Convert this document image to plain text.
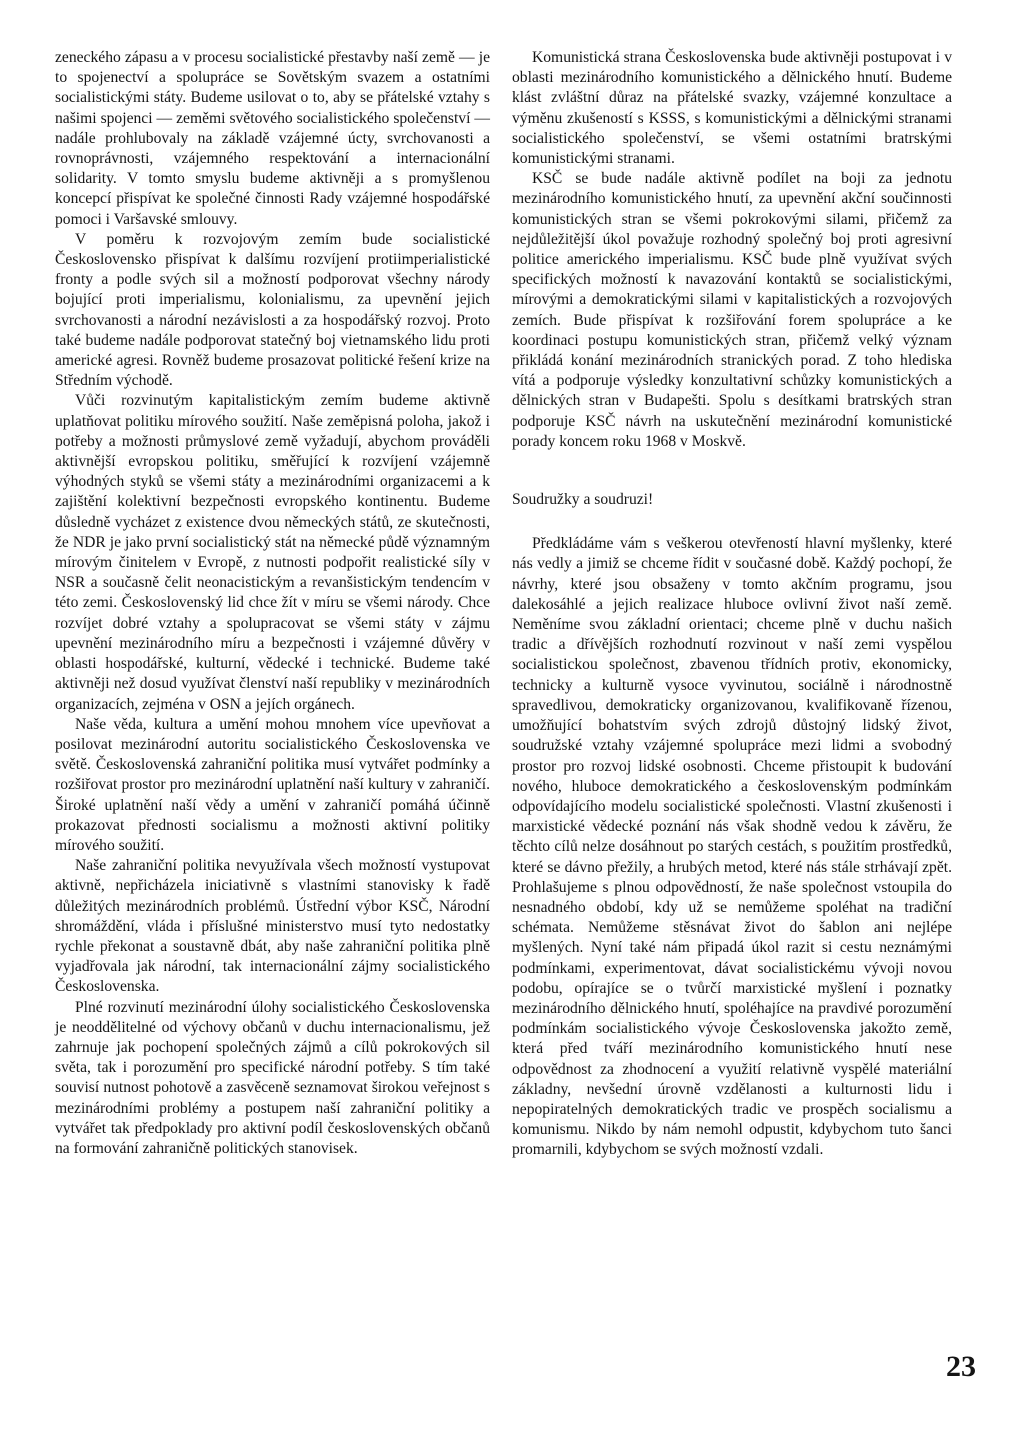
zeneckého zápasu a v procesu socialistické přestavby naší země — je to spojenectví a spolupráce se Sovětským svazem a ostatními socialistickými státy. Budeme usilovat o to, aby se přátelské vztahy s našimi spojenci — zeměmi světového socialistického společenství — nadále prohlubovaly na základě vzájemné úcty, svrchovanosti a rovnoprávnosti, vzájemného respektování a internacionální solidarity. V tomto smyslu budeme aktivněji a s promyšlenou koncepcí přispívat ke společné činnosti Rady vzájemné hospodářské pomoci i Varšavské smlouvy.

V poměru k rozvojovým zemím bude socialistické Československo přispívat k dalšímu rozvíjení protiimperialistické fronty a podle svých sil a možností podporovat všechny národy bojující proti imperialismu, kolonialismu, za upevnění jejich svrchovanosti a národní nezávislosti a za hospodářský rozvoj. Proto také budeme nadále podporovat statečný boj vietnamského lidu proti americké agresi. Rovněž budeme prosazovat politické řešení krize na Středním východě.

Vůči rozvinutým kapitalistickým zemím budeme aktivně uplatňovat politiku mírového soužití. Naše zeměpisná poloha, jakož i potřeby a možnosti průmyslové země vyžadují, abychom prováděli aktivnější evropskou politiku, směřující k rozvíjení vzájemně výhodných styků se všemi státy a mezinárodními organizacemi a k zajištění kolektivní bezpečnosti evropského kontinentu. Budeme důsledně vycházet z existence dvou německých států, ze skutečnosti, že NDR je jako první socialistický stát na německé půdě významným mírovým činitelem v Evropě, z nutnosti podpořit realistické síly v NSR a současně čelit neonacistickým a revanšistickým tendencím v této zemi. Československý lid chce žít v míru se všemi národy. Chce rozvíjet dobré vztahy a spolupracovat se všemi státy v zájmu upevnění mezinárodního míru a bezpečnosti i vzájemné důvěry v oblasti hospodářské, kulturní, vědecké i technické. Budeme také aktivněji než dosud využívat členství naší republiky v mezinárodních organizacích, zejména v OSN a jejích orgánech.

Naše věda, kultura a umění mohou mnohem více upevňovat a posilovat mezinárodní autoritu socialistického Československa ve světě. Československá zahraniční politika musí vytvářet podmínky a rozšiřovat prostor pro mezinárodní uplatnění naší kultury v zahraničí. Široké uplatnění naší vědy a umění v zahraničí pomáhá účinně prokazovat přednosti socialismu a možnosti aktivní politiky mírového soužití.

Naše zahraniční politika nevyužívala všech možností vystupovat aktivně, nepřicházela iniciativně s vlastními stanovisky k řadě důležitých mezinárodních problémů. Ústřední výbor KSČ, Národní shromáždění, vláda i příslušné ministerstvo musí tyto nedostatky rychle překonat a soustavně dbát, aby naše zahraniční politika plně vyjadřovala jak národní, tak internacionální zájmy socialistického Československa.

Plné rozvinutí mezinárodní úlohy socialistického Československa je neoddělitelné od výchovy občanů v duchu internacionalismu, jež zahrnuje jak pochopení společných zájmů a cílů pokrokových sil světa, tak i porozumění pro specifické národní potřeby. S tím také souvisí nutnost pohotově a zasvěceně seznamovat širokou veřejnost s mezinárodními problémy a postupem naší zahraniční politiky a vytvářet tak předpoklady pro aktivní podíl československých občanů na formování zahraničně politických stanovisek.

Komunistická strana Československa bude aktivněji postupovat i v oblasti mezinárodního komunistického a dělnického hnutí. Budeme klást zvláštní důraz na přátelské svazky, vzájemné konzultace a výměnu zkušeností s KSSS, s komunistickými a dělnickými stranami socialistického společenství, se všemi ostatními bratrskými komunistickými stranami.

KSČ se bude nadále aktivně podílet na boji za jednotu mezinárodního komunistického hnutí, za upevnění akční součinnosti komunistických stran se všemi pokrokovými silami, přičemž za nejdůležitější úkol považuje rozhodný společný boj proti agresivní politice amerického imperialismu. KSČ bude plně využívat svých specifických možností k navazování kontaktů se socialistickými, mírovými a demokratickými silami v kapitalistických a rozvojových zemích. Bude přispívat k rozšiřování forem spolupráce a ke koordinaci postupu komunistických stran, přičemž velký význam přikládá konání mezinárodních stranických porad. Z toho hlediska vítá a podporuje výsledky konzultativní schůzky komunistických a dělnických stran v Budapešti. Spolu s desítkami bratrských stran podporuje KSČ návrh na uskutečnění mezinárodní komunistické porady koncem roku 1968 v Moskvě.

Soudružky a soudruzi!

Předkládáme vám s veškerou otevřeností hlavní myšlenky, které nás vedly a jimiž se chceme řídit v současné době. Každý pochopí, že návrhy, které jsou obsaženy v tomto akčním programu, jsou dalekosáhlé a jejich realizace hluboce ovlivní život naší země. Neměníme svou základní orientaci; chceme plně v duchu našich tradic a dřívějších rozhodnutí rozvinout v naší zemi vyspělou socialistickou společnost, zbavenou třídních protiv, ekonomicky, technicky a kulturně vysoce vyvinutou, sociálně i národnostně spravedlivou, demokraticky organizovanou, kvalifikovaně řízenou, umožňující bohatstvím svých zdrojů důstojný lidský život, soudružské vztahy vzájemné spolupráce mezi lidmi a svobodný prostor pro rozvoj lidské osobnosti. Chceme přistoupit k budování nového, hluboce demokratického a československým podmínkám odpovídajícího modelu socialistické společnosti. Vlastní zkušenosti i marxistické vědecké poznání nás však shodně vedou k závěru, že těchto cílů nelze dosáhnout po starých cestách, s použitím prostředků, které se dávno přežily, a hrubých metod, které nás stále strhávají zpět. Prohlašujeme s plnou odpovědností, že naše společnost vstoupila do nesnadného období, kdy už se nemůžeme spoléhat na tradiční schémata. Nemůžeme stěsnávat život do šablon ani nejlépe myšlených. Nyní také nám připadá úkol razit si cestu neznámými podmínkami, experimentovat, dávat socialistickému vývoji novou podobu, opírajíce se o tvůrčí marxistické myšlení i poznatky mezinárodního dělnického hnutí, spoléhajíce na pravdivé porozumění podmínkám socialistického vývoje Československa jakožto země, která před tváří mezinárodního komunistického hnutí nese odpovědnost za zhodnocení a využití relativně vyspělé materiální základny, nevšední úrovně vzdělanosti a kulturnosti lidu i nepopiratelných demokratických tradic ve prospěch socialismu a komunismu. Nikdo by nám nemohl odpustit, kdybychom tuto šanci promarnili, kdybychom se svých možností vzdali.

23
